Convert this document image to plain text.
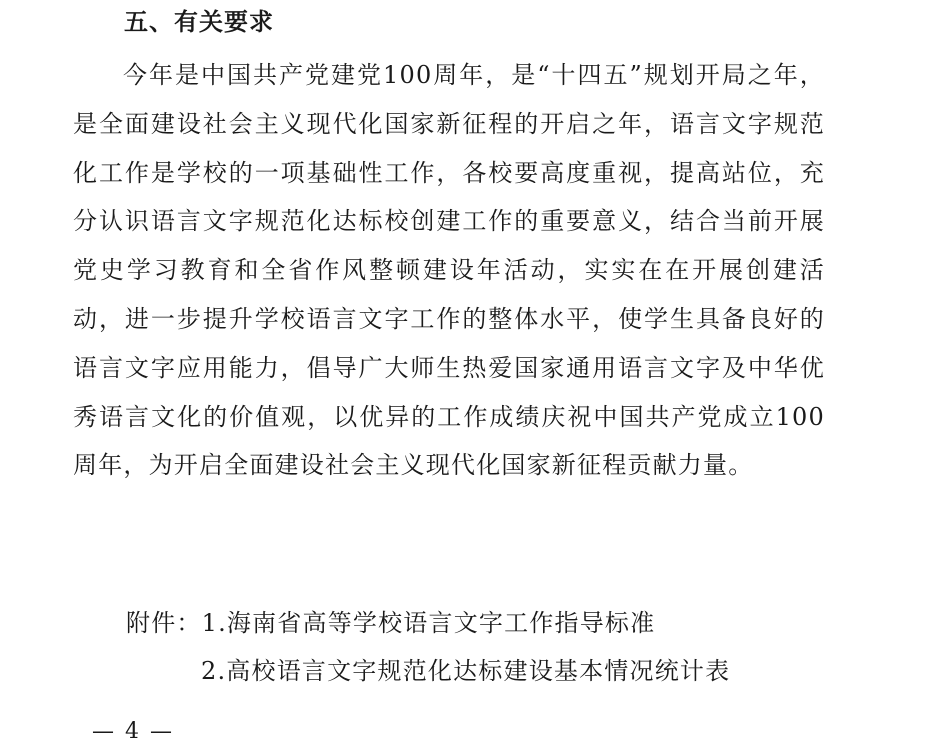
五、有关要求

今年是中国共产党建党100周年，是“十四五”规划开局之年，是全面建设社会主义现代化国家新征程的开启之年，语言文字规范化工作是学校的一项基础性工作，各校要高度重视，提高站位，充分认识语言文字规范化达标校创建工作的重要意义，结合当前开展党史学习教育和全省作风整顿建设年活动，实实在在开展创建活动，进一步提升学校语言文字工作的整体水平，使学生具备良好的语言文字应用能力，倡导广大师生热爱国家通用语言文字及中华优秀语言文化的价值观，以优异的工作成绩庆祝中国共产党成立100周年，为开启全面建设社会主义现代化国家新征程贡献力量。

附件：1.海南省高等学校语言文字工作指导标准
2.高校语言文字规范化达标建设基本情况统计表
— 4 —
